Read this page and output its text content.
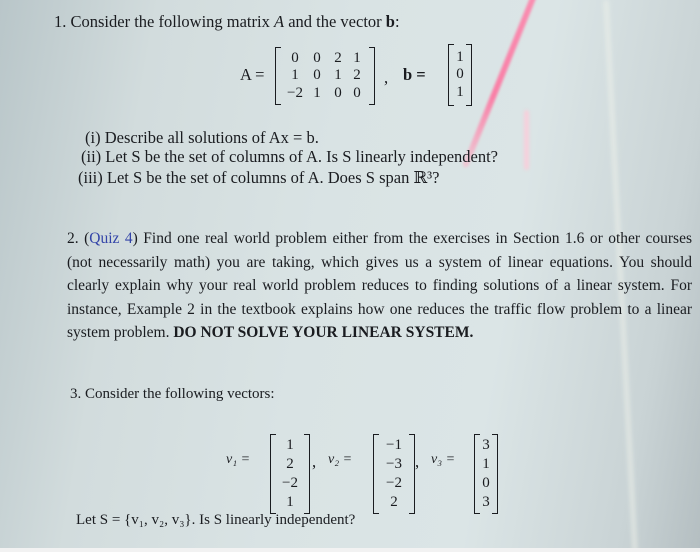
1. Consider the following matrix A and the vector b:
A =
0 0 2 1
1 0 1 2
−2 1 0 0
, b =
1
0
1
(i) Describe all solutions of Ax = b.
(ii) Let S be the set of columns of A. Is S linearly independent?
(iii) Let S be the set of columns of A. Does S span ℝ³?
2. (Quiz 4) Find one real world problem either from the exercises in Section 1.6 or other courses (not necessarily math) you are taking, which gives us a system of linear equations. You should clearly explain why your real world problem reduces to finding solutions of a linear system. For instance, Example 2 in the textbook explains how one reduces the traffic flow problem to a linear system problem. DO NOT SOLVE YOUR LINEAR SYSTEM.
3. Consider the following vectors:
v₁ =
1
2
−2
1
, v₂ =
−1
−3
−2
2
, v₃ =
3
1
0
3
Let S = {v₁, v₂, v₃}. Is S linearly independent?
